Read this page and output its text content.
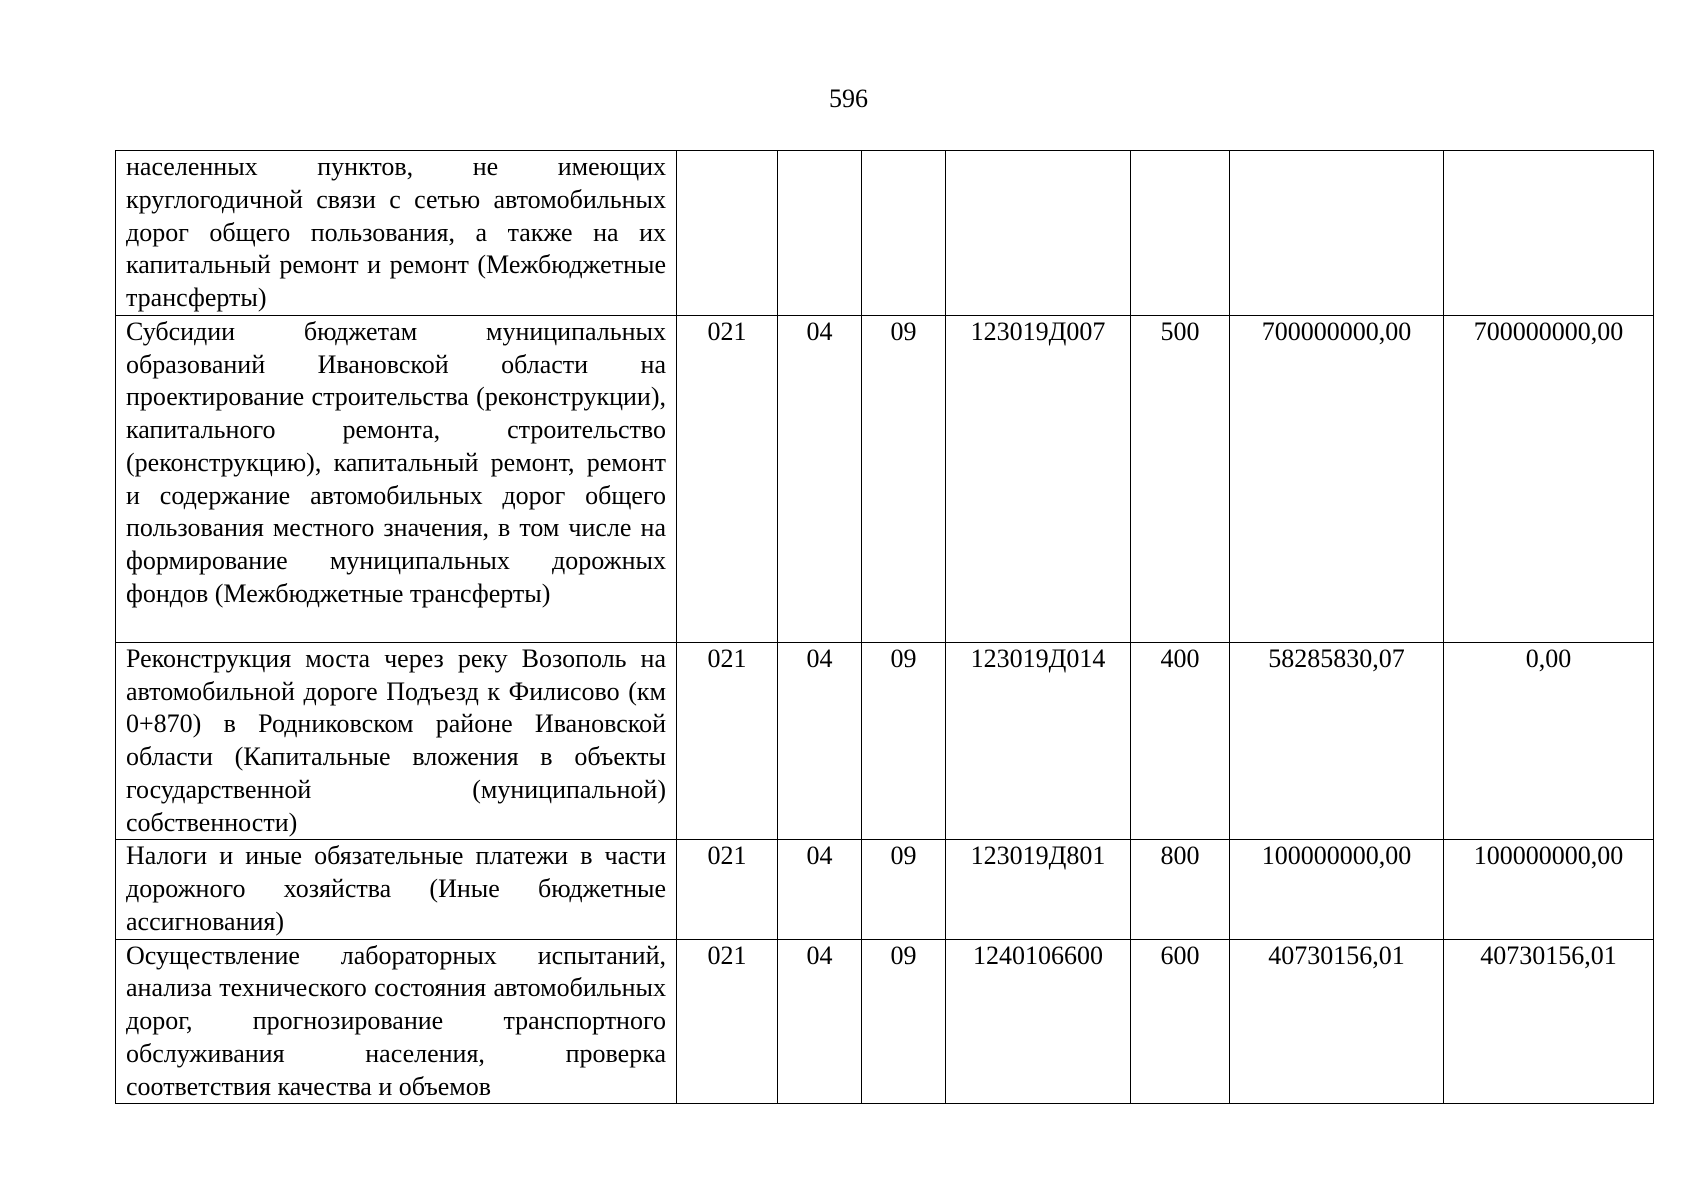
596
населенных пунктов, не имеющих круглогодичной связи с сетью автомобильных дорог общего пользования, а также на их капитальный ремонт и ремонт (Межбюджетные трансферты)							
Субсидии бюджетам муниципальных образований Ивановской области на проектирование строительства (реконструкции), капитального ремонта, строительство (реконструкцию), капитальный ремонт, ремонт и содержание автомобильных дорог общего пользования местного значения, в том числе на формирование муниципальных дорожных фондов (Межбюджетные трансферты)	021	04	09	123019Д007	500	700000000,00	700000000,00
Реконструкция моста через реку Возополь на автомобильной дороге Подъезд к Филисово (км 0+870) в Родниковском районе Ивановской области (Капитальные вложения в объекты государственной (муниципальной) собственности)	021	04	09	123019Д014	400	58285830,07	0,00
Налоги и иные обязательные платежи в части дорожного хозяйства (Иные бюджетные ассигнования)	021	04	09	123019Д801	800	100000000,00	100000000,00
Осуществление лабораторных испытаний, анализа технического состояния автомобильных дорог, прогнозирование транспортного обслуживания населения, проверка соответствия качества и объемов	021	04	09	1240106600	600	40730156,01	40730156,01
